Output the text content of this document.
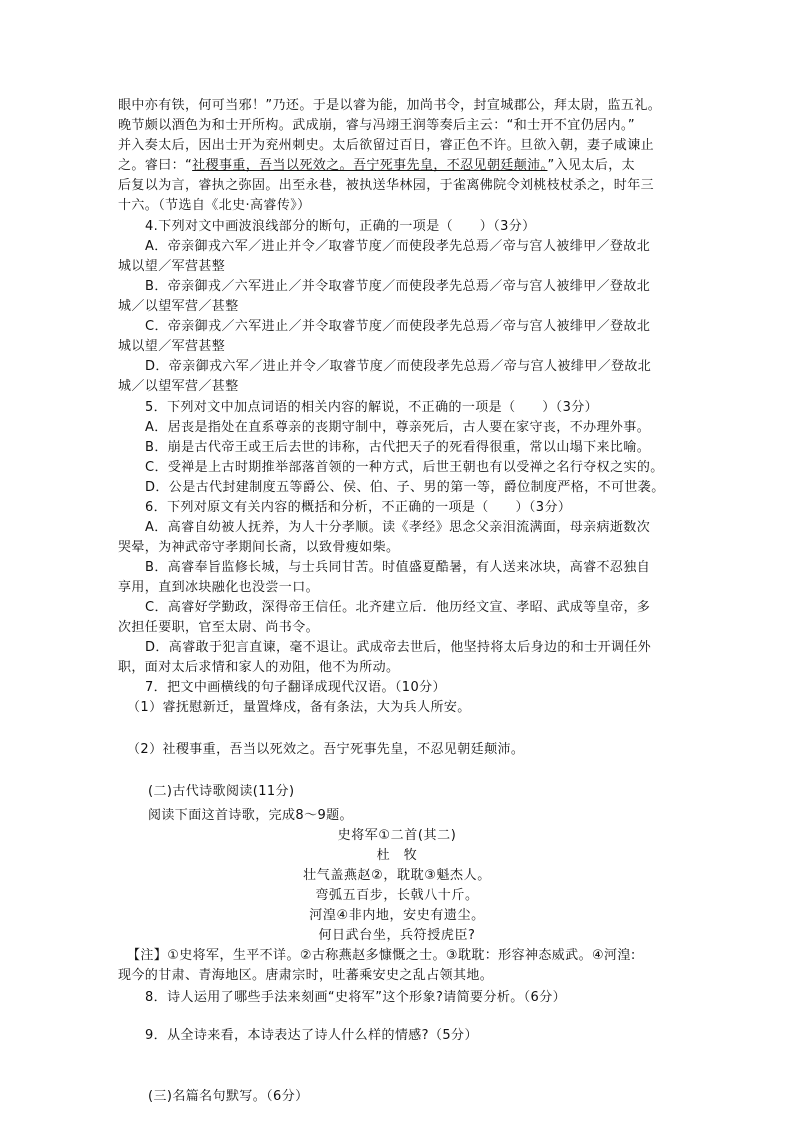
眼中亦有铁，何可当邪！”乃还。于是以睿为能，加尚书令，封宣城郡公，拜太尉，监五礼。
晚节颇以酒色为和士开所构。武成崩，睿与冯翊王润等奏后主云：“和士开不宜仍居内。”
并入奏太后，因出士开为兖州刺史。太后欲留过百日，睿正色不许。旦欲入朝，妻子咸谏止
之。睿曰：“社稷事重，吾当以死效之。吾宁死事先皇，不忍见朝廷颠沛。”入见太后，太
后复以为言，睿执之弥固。出至永巷，被执送华林园，于雀离佛院令刘桃枝杖杀之，时年三
十六。（节选自《北史·高睿传》）
4.下列对文中画波浪线部分的断句，正确的一项是（　　）（3分）
A．帝亲御戎六军／进止并令／取睿节度／而使段孝先总焉／帝与宫人被绯甲／登故北
城以望／军营甚整
B．帝亲御戎／六军进止／并令取睿节度／而使段孝先总焉／帝与宫人被绯甲／登故北
城／以望军营／甚整
C．帝亲御戎／六军进止／并令取睿节度／而使段孝先总焉／帝与宫人被绯甲／登故北
城以望／军营甚整
D．帝亲御戎六军／进止并令／取睿节度／而使段孝先总焉／帝与宫人被绯甲／登故北
城／以望军营／甚整
5．下列对文中加点词语的相关内容的解说，不正确的一项是（　　）（3分）
A．居丧是指处在直系尊亲的丧期守制中，尊亲死后，古人要在家守丧，不办理外事。
B．崩是古代帝王或王后去世的讳称，古代把天子的死看得很重，常以山塌下来比喻。
C．受禅是上古时期推举部落首领的一种方式，后世王朝也有以受禅之名行夺权之实的。
D．公是古代封建制度五等爵公、侯、伯、子、男的第一等，爵位制度严格，不可世袭。
6．下列对原文有关内容的概括和分析，不正确的一项是（　　）（3分）
A．高睿自幼被人抚养，为人十分孝顺。读《孝经》思念父亲泪流满面，母亲病逝数次
哭晕，为神武帝守孝期间长斋，以致骨瘦如柴。
B．高睿奉旨监修长城，与士兵同甘苦。时值盛夏酷暑，有人送来冰块，高睿不忍独自
享用，直到冰块融化也没尝一口。
C．高睿好学勤政，深得帝王信任。北齐建立后．他历经文宣、孝昭、武成等皇帝，多
次担任要职，官至太尉、尚书令。
D．高睿敢于犯言直谏，毫不退让。武成帝去世后，他坚持将太后身边的和士开调任外
职，面对太后求情和家人的劝阻，他不为所动。
7．把文中画横线的句子翻译成现代汉语。（10分）
（1）睿抚慰新迁，量置烽戍，备有条法，大为兵人所安。
（2）社稷事重，吾当以死效之。吾宁死事先皇，不忍见朝廷颠沛。
(二)古代诗歌阅读(11分)
阅读下面这首诗歌，完成8～9题。
史将军①二首(其二)
杜　牧
壮气盖燕赵②，耽耽③魁杰人。
弯弧五百步，长戟八十斤。
河湟④非内地，安史有遗尘。
何日武台坐，兵符授虎臣?
【注】①史将军，生平不详。②古称燕赵多慷慨之士。③耽耽：形容神态威武。④河湟:
现今的甘肃、青海地区。唐肃宗时，吐蕃乘安史之乱占领其地。
8．诗人运用了哪些手法来刻画“史将军”这个形象?请简要分析。（6分）
9．从全诗来看，本诗表达了诗人什么样的情感?（5分）
(三)名篇名句默写。（6分）
